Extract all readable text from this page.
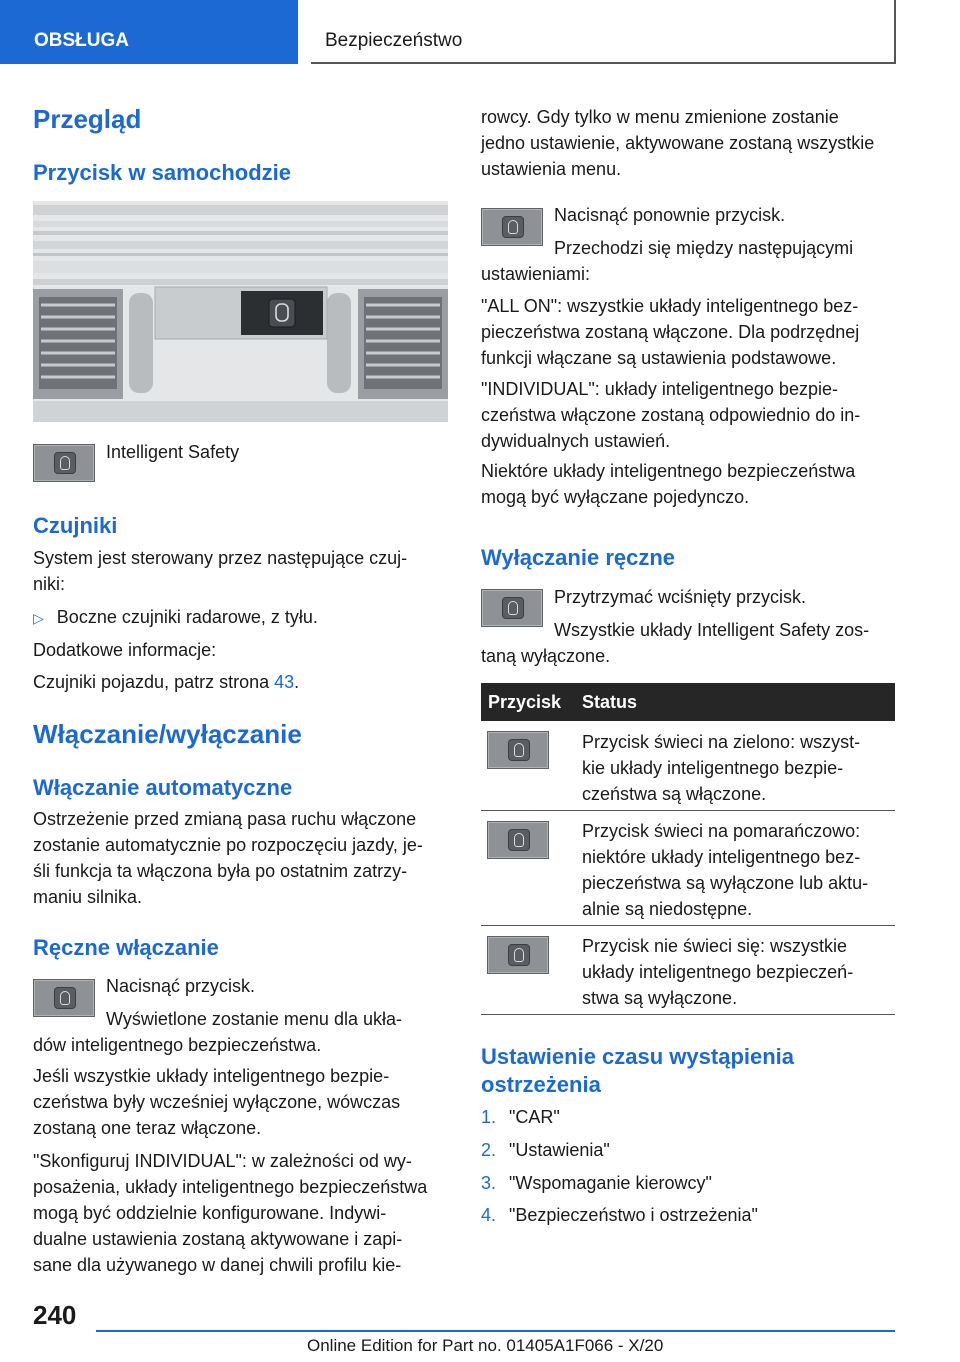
OBSŁUGA	Bezpieczeństwo
Przegląd
Przycisk w samochodzie
Intelligent Safety
Czujniki
System jest sterowany przez następujące czuj-
niki:
▷ Boczne czujniki radarowe, z tyłu.
Dodatkowe informacje:
Czujniki pojazdu, patrz strona 43.
Włączanie/wyłączanie
Włączanie automatyczne
Ostrzeżenie przed zmianą pasa ruchu włączone
zostanie automatycznie po rozpoczęciu jazdy, je-
śli funkcja ta włączona była po ostatnim zatrzy-
maniu silnika.
Ręczne włączanie
Nacisnąć przycisk.
Wyświetlone zostanie menu dla ukła-
dów inteligentnego bezpieczeństwa.
Jeśli wszystkie układy inteligentnego bezpie-
czeństwa były wcześniej wyłączone, wówczas
zostaną one teraz włączone.
"Skonfiguruj INDIVIDUAL": w zależności od wy-
posażenia, układy inteligentnego bezpieczeństwa
mogą być oddzielnie konfigurowane. Indywi-
dualne ustawienia zostaną aktywowane i zapi-
sane dla używanego w danej chwili profilu kie-
rowcy. Gdy tylko w menu zmienione zostanie
jedno ustawienie, aktywowane zostaną wszystkie
ustawienia menu.
Nacisnąć ponownie przycisk.
Przechodzi się między następującymi
ustawieniami:
"ALL ON": wszystkie układy inteligentnego bez-
pieczeństwa zostaną włączone. Dla podrzędnej
funkcji włączane są ustawienia podstawowe.
"INDIVIDUAL": układy inteligentnego bezpie-
czeństwa włączone zostaną odpowiednio do in-
dywidualnych ustawień.
Niektóre układy inteligentnego bezpieczeństwa
mogą być wyłączane pojedynczo.
Wyłączanie ręczne
Przytrzymać wciśnięty przycisk.
Wszystkie układy Intelligent Safety zos-
taną wyłączone.
Przycisk Status
Przycisk świeci na zielono: wszyst-
kie układy inteligentnego bezpie-
czeństwa są włączone.
Przycisk świeci na pomarańczowo:
niektóre układy inteligentnego bez-
pieczeństwa są wyłączone lub aktu-
alnie są niedostępne.
Przycisk nie świeci się: wszystkie
układy inteligentnego bezpieczeń-
stwa są wyłączone.
Ustawienie czasu wystąpienia
ostrzeżenia
1. "CAR"
2. "Ustawienia"
3. "Wspomaganie kierowcy"
4. "Bezpieczeństwo i ostrzeżenia"
240
Online Edition for Part no. 01405A1F066 - X/20
